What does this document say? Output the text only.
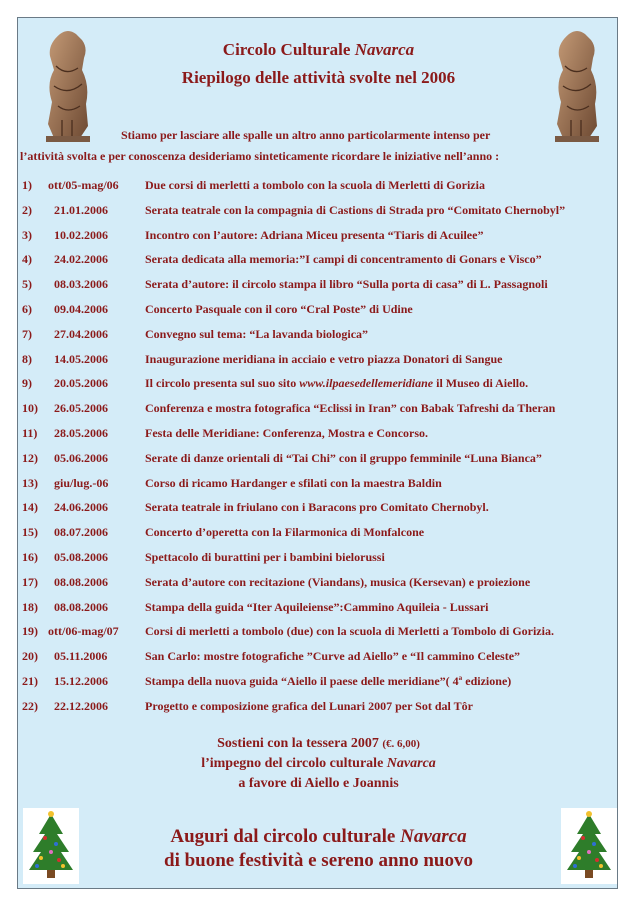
Circolo Culturale Navarca
Riepilogo delle attività svolte nel 2006
Stiamo per lasciare alle spalle un altro anno particolarmente intenso per
l’attività svolta e per conoscenza desideriamo sinteticamente ricordare le iniziative nell’anno :
1) ott/05-mag/06 Due corsi di merletti a tombolo con la scuola di Merletti di Gorizia
2) 21.01.2006	Serata teatrale con la compagnia di Castions di Strada pro “Comitato Chernobyl”
3) 10.02.2006	Incontro con l’autore: Adriana Miceu presenta “Tiaris di Acuilee”
4) 24.02.2006	Serata dedicata alla memoria:”I campi di concentramento di Gonars e Visco”
5) 08.03.2006	Serata d’autore: il circolo stampa il libro “Sulla porta di casa” di L. Passagnoli
6) 09.04.2006	Concerto Pasquale con il coro “Cral Poste” di Udine
7) 27.04.2006	Convegno sul tema: “La lavanda biologica”
8) 14.05.2006	Inaugurazione meridiana in acciaio e vetro piazza Donatori di Sangue
9) 20.05.2006	Il circolo presenta sul suo sito www.ilpaesedellemeridiane il Museo di Aiello.
10) 26.05.2006	Conferenza e mostra fotografica “Eclissi in Iran” con Babak Tafreshi da Theran
11) 28.05.2006	Festa delle Meridiane: Conferenza, Mostra e Concorso.
12) 05.06.2006	Serate di danze orientali di “Tai Chi” con il gruppo femminile “Luna Bianca”
13) giu/lug.-06	Corso di ricamo Hardanger e sfilati con la maestra Baldin
14) 24.06.2006	Serata teatrale in friulano con i Baracons pro Comitato Chernobyl.
15) 08.07.2006	Concerto d’operetta con la Filarmonica di Monfalcone
16) 05.08.2006	Spettacolo di burattini per i bambini bielorussi
17) 08.08.2006	Serata d’autore con recitazione (Viandans), musica (Kersevan) e proiezione
18) 08.08.2006	Stampa della guida “Iter Aquileiense”:Cammino Aquileia - Lussari
19) ott/06-mag/07 Corsi di merletti a tombolo (due) con la scuola di Merletti a Tombolo di Gorizia.
20) 05.11.2006	San Carlo: mostre fotografiche ”Curve ad Aiello” e “Il cammino Celeste”
21) 15.12.2006	Stampa della nuova guida “Aiello il paese delle meridiane”( 4ª edizione)
22) 22.12.2006	Progetto e composizione grafica del Lunari 2007 per Sot dal Tôr
Sostieni con la tessera 2007 (€. 6,00)
l’impegno del circolo culturale Navarca
a favore di Aiello e Joannis
Auguri dal circolo culturale Navarca
di buone festività e sereno anno nuovo
